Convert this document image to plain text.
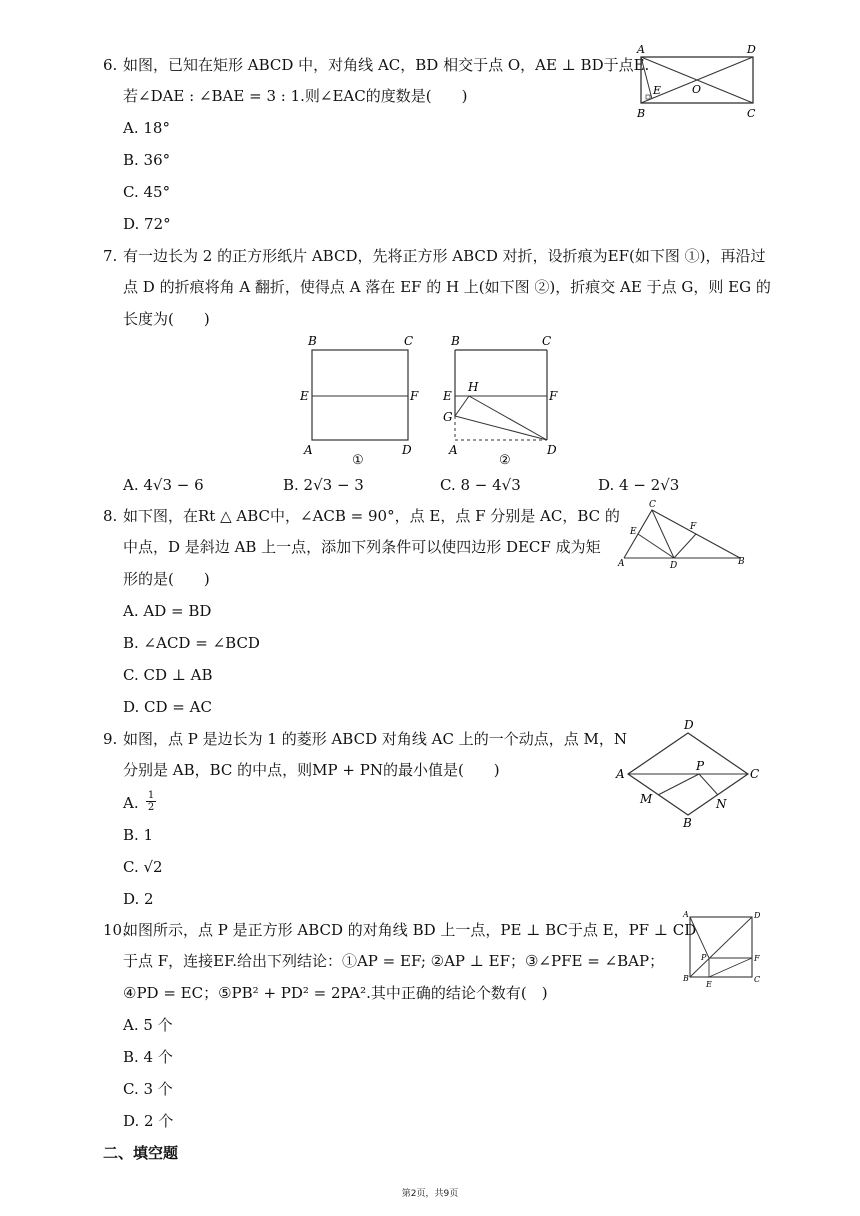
6. 如图，已知在矩形 ABCD 中，对角线 AC，BD 相交于点 O，AE ⊥ BD于点E.
若∠DAE : ∠BAE = 3 : 1.则∠EAC的度数是(　　)
A. 18°
B. 36°
C. 45°
D. 72°
A	D
B	C
E	O
7. 有一边长为 2 的正方形纸片 ABCD，先将正方形 ABCD 对折，设折痕为EF(如下图 ①)，再沿过
点 D 的折痕将角 A 翻折，使得点 A 落在 EF 的 H 上(如下图 ②)，折痕交 AE 于点 G，则 EG 的
长度为(　　)
B	C
E	F
A	D
①
B	C
E	F
H
G
A	D
②
A. 4√3 − 6	B. 2√3 − 3	C. 8 − 4√3	D. 4 − 2√3
8. 如下图，在Rt △ ABC中，∠ACB = 90°，点 E，点 F 分别是 AC，BC 的
中点，D 是斜边 AB 上一点，添加下列条件可以使四边形 DECF 成为矩
形的是(　　)
A. AD = BD
B. ∠ACD = ∠BCD
C. CD ⊥ AB
D. CD = AC
C
E	F
A	D	B
9. 如图，点 P 是边长为 1 的菱形 ABCD 对角线 AC 上的一个动点，点 M，N
分别是 AB，BC 的中点，则MP + PN的最小值是(　　)
A. $\frac{1}{2}$
B. 1
C. √2
D. 2
D
A
P
C
M	N
B
10.
如图所示，点 P 是正方形 ABCD 的对角线 BD 上一点，PE ⊥ BC于点 E，PF ⊥ CD
于点 F，连接EF.给出下列结论：①AP = EF; ②AP ⊥ EF；③∠PFE = ∠BAP；
④PD = EC；⑤PB² + PD² = 2PA².其中正确的结论个数有(　)
A. 5 个
B. 4 个
C. 3 个
D. 2 个
A	D
P	F
B
E
C
二、填空题
第2页，共9页
